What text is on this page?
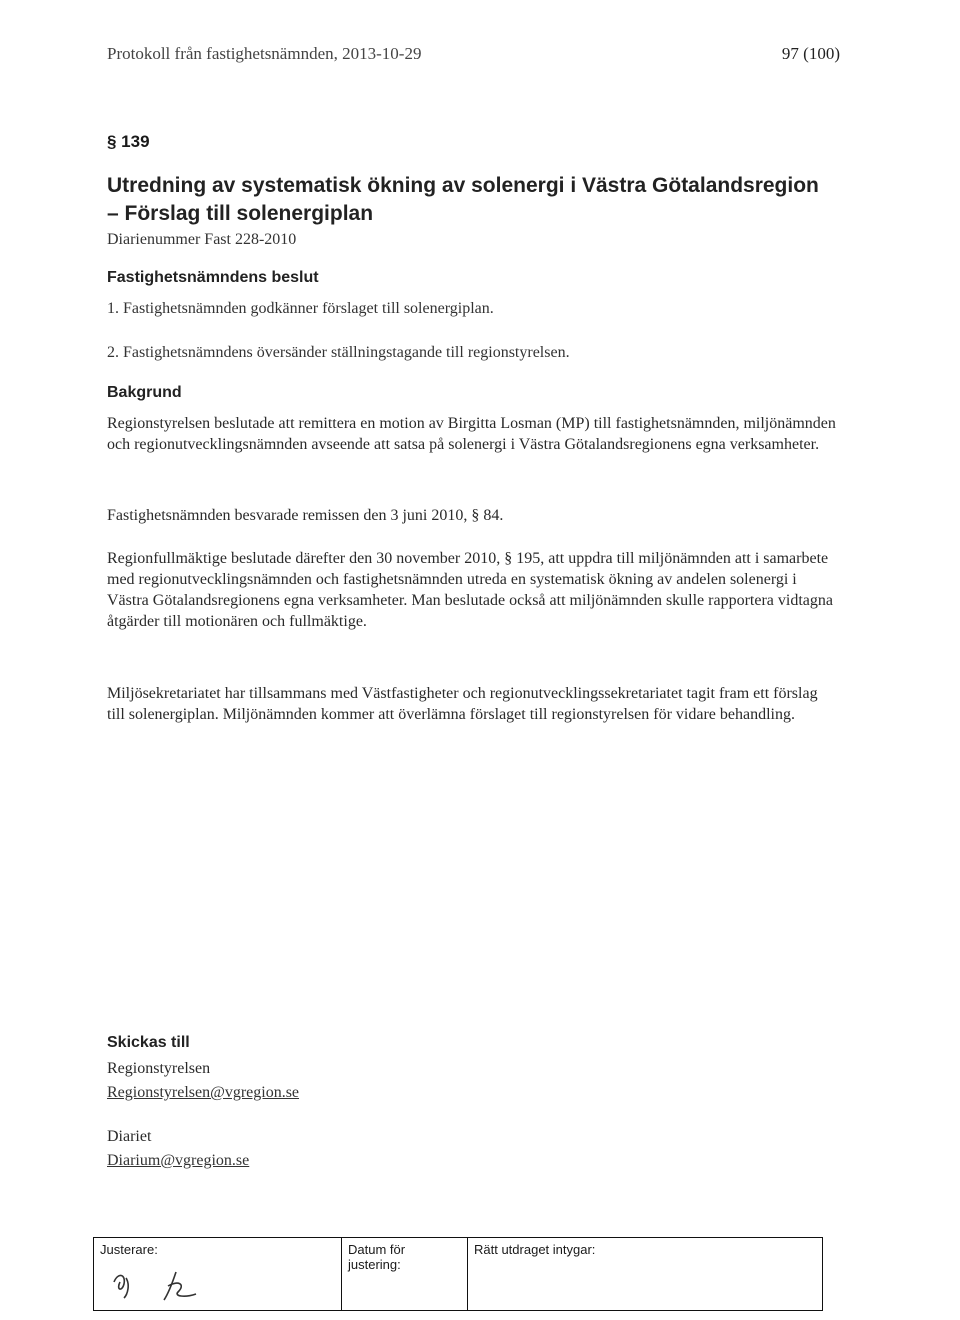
Protokoll från fastighetsnämnden, 2013-10-29	97 (100)
§ 139
Utredning av systematisk ökning av solenergi i Västra Götalandsregion – Förslag till solenergiplan
Diarienummer Fast 228-2010
Fastighetsnämndens beslut
1. Fastighetsnämnden godkänner förslaget till solenergiplan.
2. Fastighetsnämndens översänder ställningstagande till regionstyrelsen.
Bakgrund

Regionstyrelsen beslutade att remittera en motion av Birgitta Losman (MP) till fastighetsnämnden, miljönämnden och regionutvecklingsnämnden avseende att satsa på solenergi i Västra Götalandsregionens egna verksamheter.

Fastighetsnämnden besvarade remissen den 3 juni 2010, § 84.

Regionfullmäktige beslutade därefter den 30 november 2010, § 195, att uppdra till miljönämnden att i samarbete med regionutvecklingsnämnden och fastighetsnämnden utreda en systematisk ökning av andelen solenergi i Västra Götalandsregionens egna verksamheter. Man beslutade också att miljönämnden skulle rapportera vidtagna åtgärder till motionären och fullmäktige.

Miljösekretariatet har tillsammans med Västfastigheter och regionutvecklingssekretariatet tagit fram ett förslag till solenergiplan. Miljönämnden kommer att överlämna förslaget till regionstyrelsen för vidare behandling.

Skickas till
Regionstyrelsen
Regionstyrelsen@vgregion.se
Diariet
Diarium@vgregion.se
Justerare:	Datum för justering:
Rätt utdraget intygar:
